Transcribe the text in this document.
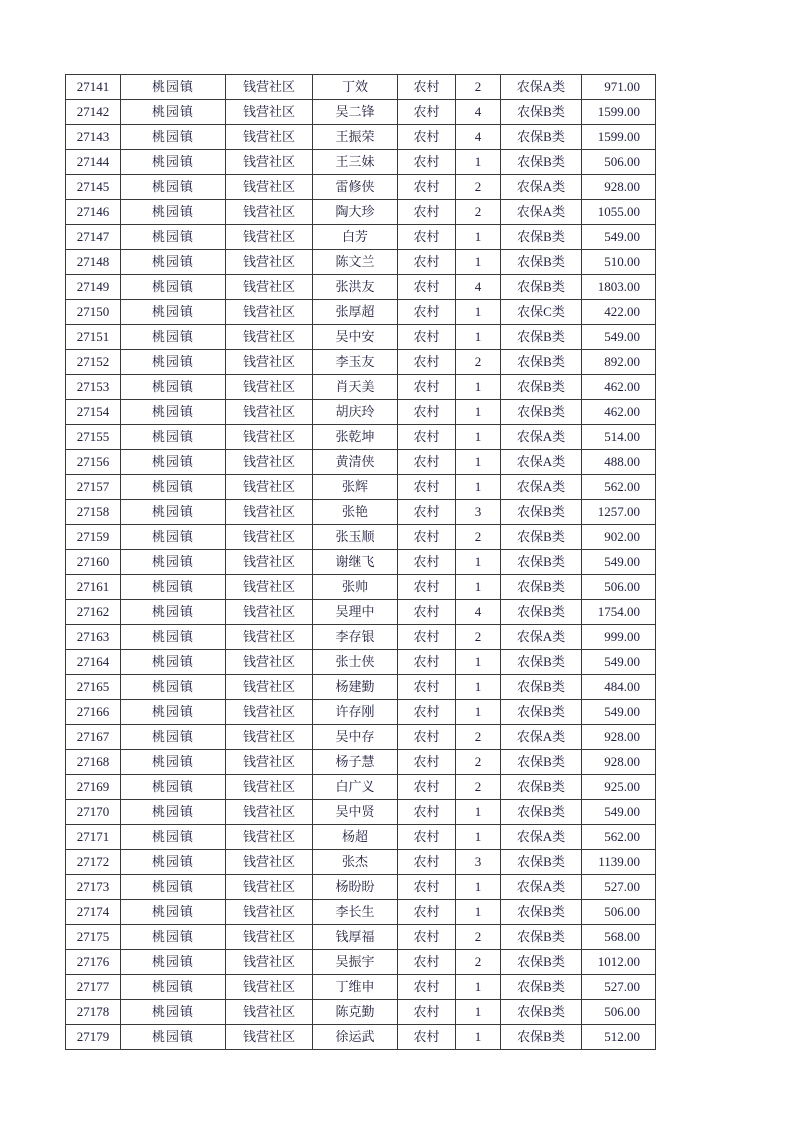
27141	桃园镇	钱营社区	丁效	农村	2	农保A类	971.00
27142	桃园镇	钱营社区	吴二锋	农村	4	农保B类	1599.00
27143	桃园镇	钱营社区	王振荣	农村	4	农保B类	1599.00
27144	桃园镇	钱营社区	王三妹	农村	1	农保B类	506.00
27145	桃园镇	钱营社区	雷修侠	农村	2	农保A类	928.00
27146	桃园镇	钱营社区	陶大珍	农村	2	农保A类	1055.00
27147	桃园镇	钱营社区	白芳	农村	1	农保B类	549.00
27148	桃园镇	钱营社区	陈文兰	农村	1	农保B类	510.00
27149	桃园镇	钱营社区	张洪友	农村	4	农保B类	1803.00
27150	桃园镇	钱营社区	张厚超	农村	1	农保C类	422.00
27151	桃园镇	钱营社区	吴中安	农村	1	农保B类	549.00
27152	桃园镇	钱营社区	李玉友	农村	2	农保B类	892.00
27153	桃园镇	钱营社区	肖天美	农村	1	农保B类	462.00
27154	桃园镇	钱营社区	胡庆玲	农村	1	农保B类	462.00
27155	桃园镇	钱营社区	张乾坤	农村	1	农保A类	514.00
27156	桃园镇	钱营社区	黄清侠	农村	1	农保A类	488.00
27157	桃园镇	钱营社区	张辉	农村	1	农保A类	562.00
27158	桃园镇	钱营社区	张艳	农村	3	农保B类	1257.00
27159	桃园镇	钱营社区	张玉顺	农村	2	农保B类	902.00
27160	桃园镇	钱营社区	谢继飞	农村	1	农保B类	549.00
27161	桃园镇	钱营社区	张帅	农村	1	农保B类	506.00
27162	桃园镇	钱营社区	吴理中	农村	4	农保B类	1754.00
27163	桃园镇	钱营社区	李存银	农村	2	农保A类	999.00
27164	桃园镇	钱营社区	张士侠	农村	1	农保B类	549.00
27165	桃园镇	钱营社区	杨建勤	农村	1	农保B类	484.00
27166	桃园镇	钱营社区	许存刚	农村	1	农保B类	549.00
27167	桃园镇	钱营社区	吴中存	农村	2	农保A类	928.00
27168	桃园镇	钱营社区	杨子慧	农村	2	农保B类	928.00
27169	桃园镇	钱营社区	白广义	农村	2	农保B类	925.00
27170	桃园镇	钱营社区	吴中贤	农村	1	农保B类	549.00
27171	桃园镇	钱营社区	杨超	农村	1	农保A类	562.00
27172	桃园镇	钱营社区	张杰	农村	3	农保B类	1139.00
27173	桃园镇	钱营社区	杨盼盼	农村	1	农保A类	527.00
27174	桃园镇	钱营社区	李长生	农村	1	农保B类	506.00
27175	桃园镇	钱营社区	钱厚福	农村	2	农保B类	568.00
27176	桃园镇	钱营社区	吴振宇	农村	2	农保B类	1012.00
27177	桃园镇	钱营社区	丁维申	农村	1	农保B类	527.00
27178	桃园镇	钱营社区	陈克勤	农村	1	农保B类	506.00
27179	桃园镇	钱营社区	徐运武	农村	1	农保B类	512.00
